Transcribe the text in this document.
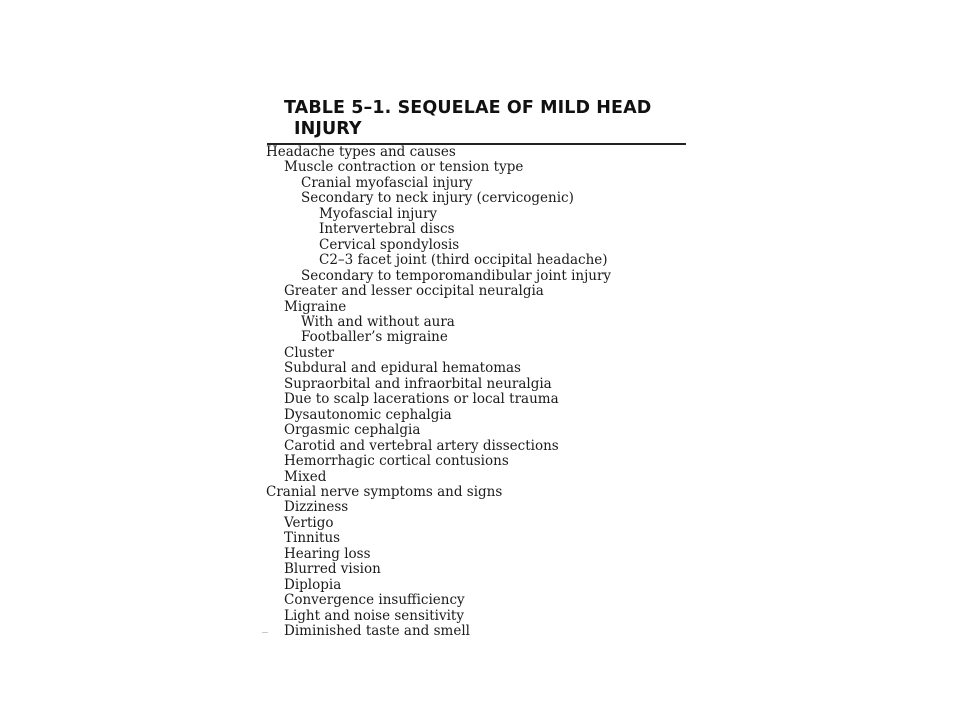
TABLE 5–1. SEQUELAE OF MILD HEAD
INJURY
Headache types and causes
Muscle contraction or tension type
Cranial myofascial injury
Secondary to neck injury (cervicogenic)
Myofascial injury
Intervertebral discs
Cervical spondylosis
C2–3 facet joint (third occipital headache)
Secondary to temporomandibular joint injury
Greater and lesser occipital neuralgia
Migraine
With and without aura
Footballer’s migraine
Cluster
Subdural and epidural hematomas
Supraorbital and infraorbital neuralgia
Due to scalp lacerations or local trauma
Dysautonomic cephalgia
Orgasmic cephalgia
Carotid and vertebral artery dissections
Hemorrhagic cortical contusions
Mixed
Cranial nerve symptoms and signs
Dizziness
Vertigo
Tinnitus
Hearing loss
Blurred vision
Diplopia
Convergence insufficiency
Light and noise sensitivity
Diminished taste and smell
